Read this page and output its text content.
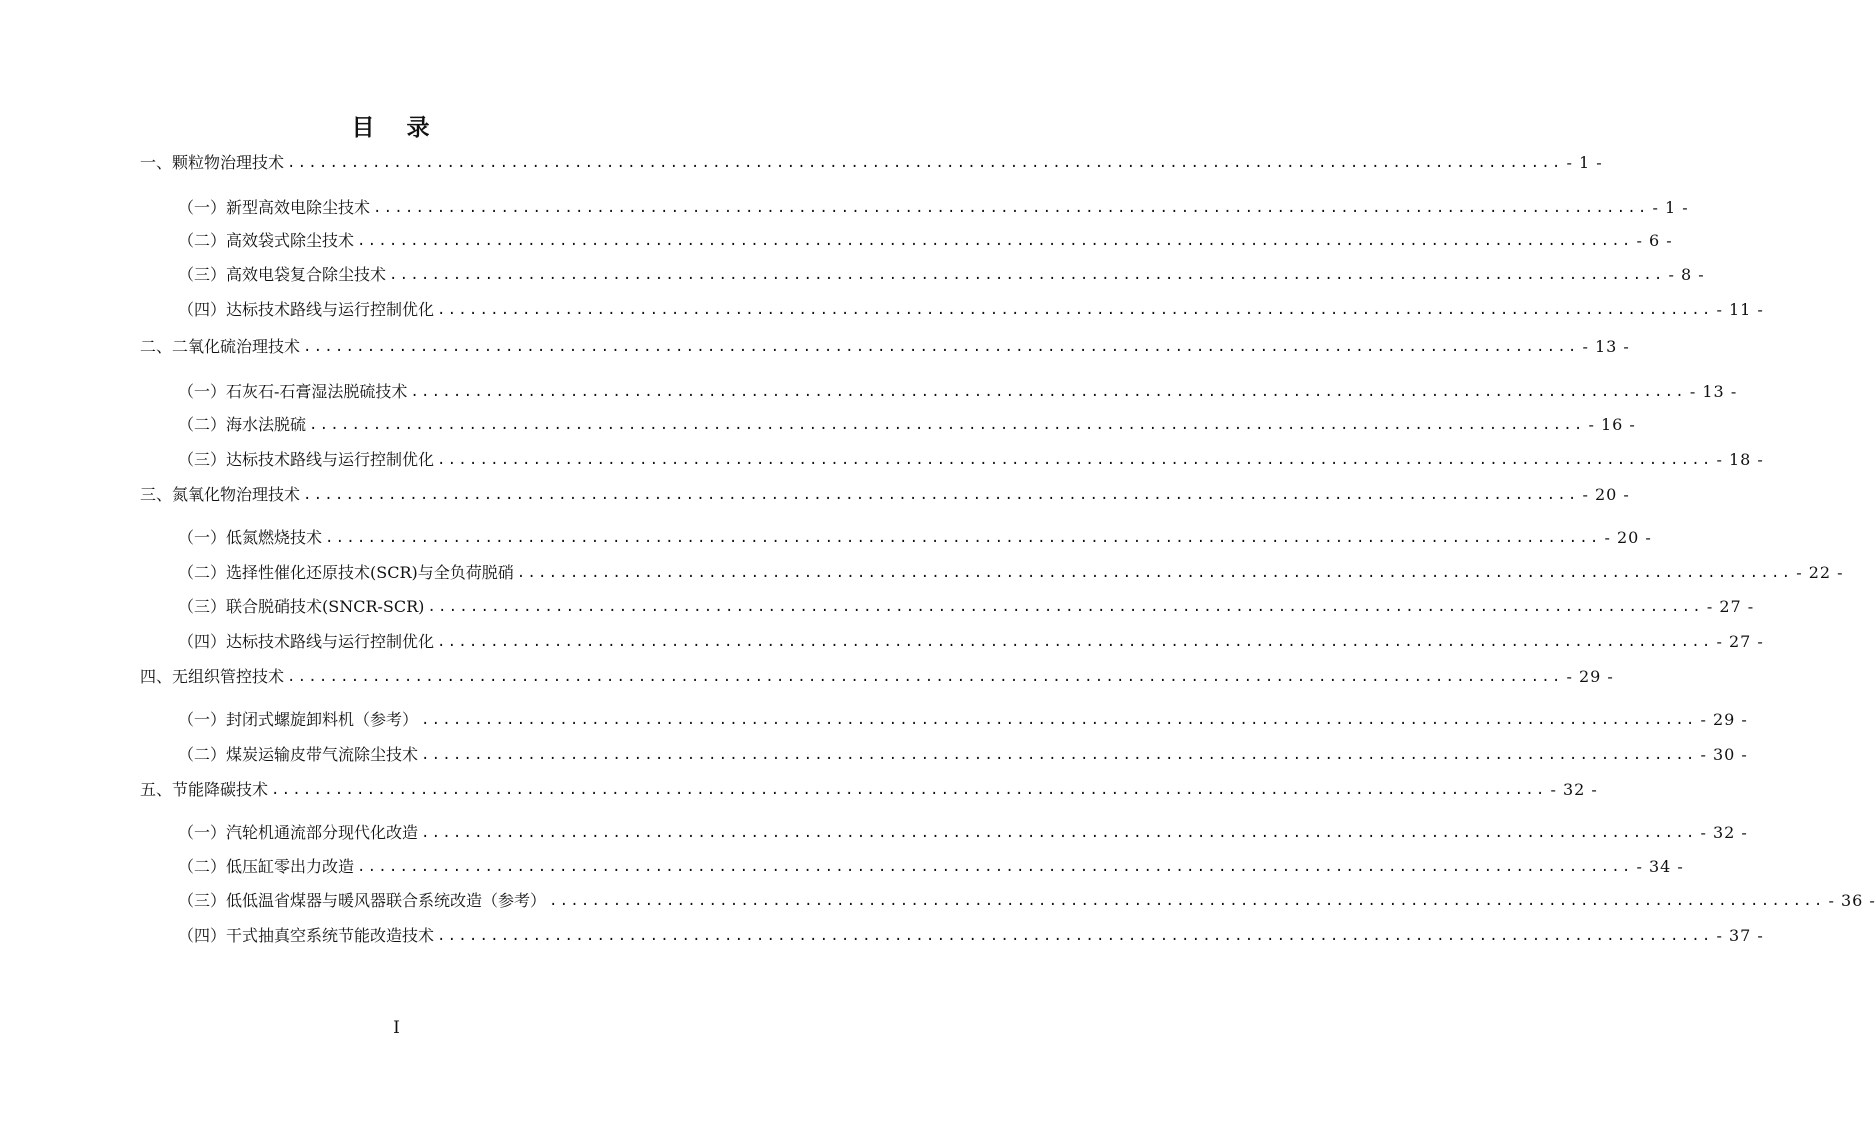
目 录
一、颗粒物治理技术 ........................................................................................................................ - 1 -
（一）新型高效电除尘技术 ........................................................................................................................ - 1 -
（二）高效袋式除尘技术 ........................................................................................................................ - 6 -
（三）高效电袋复合除尘技术 ........................................................................................................................ - 8 -
（四）达标技术路线与运行控制优化 ........................................................................................................................ - 11 -
二、二氧化硫治理技术 ........................................................................................................................ - 13 -
（一）石灰石-石膏湿法脱硫技术 ........................................................................................................................ - 13 -
（二）海水法脱硫 ........................................................................................................................ - 16 -
（三）达标技术路线与运行控制优化 ........................................................................................................................ - 18 -
三、氮氧化物治理技术 ........................................................................................................................ - 20 -
（一）低氮燃烧技术 ........................................................................................................................ - 20 -
（二）选择性催化还原技术(SCR)与全负荷脱硝 ........................................................................................................................ - 22 -
（三）联合脱硝技术(SNCR-SCR) ........................................................................................................................ - 27 -
（四）达标技术路线与运行控制优化 ........................................................................................................................ - 27 -
四、无组织管控技术 ........................................................................................................................ - 29 -
（一）封闭式螺旋卸料机（参考） ........................................................................................................................ - 29 -
（二）煤炭运输皮带气流除尘技术 ........................................................................................................................ - 30 -
五、节能降碳技术 ........................................................................................................................ - 32 -
（一）汽轮机通流部分现代化改造 ........................................................................................................................ - 32 -
（二）低压缸零出力改造 ........................................................................................................................ - 34 -
（三）低低温省煤器与暖风器联合系统改造（参考） ........................................................................................................................ - 36 -
（四）干式抽真空系统节能改造技术 ........................................................................................................................ - 37 -
I
